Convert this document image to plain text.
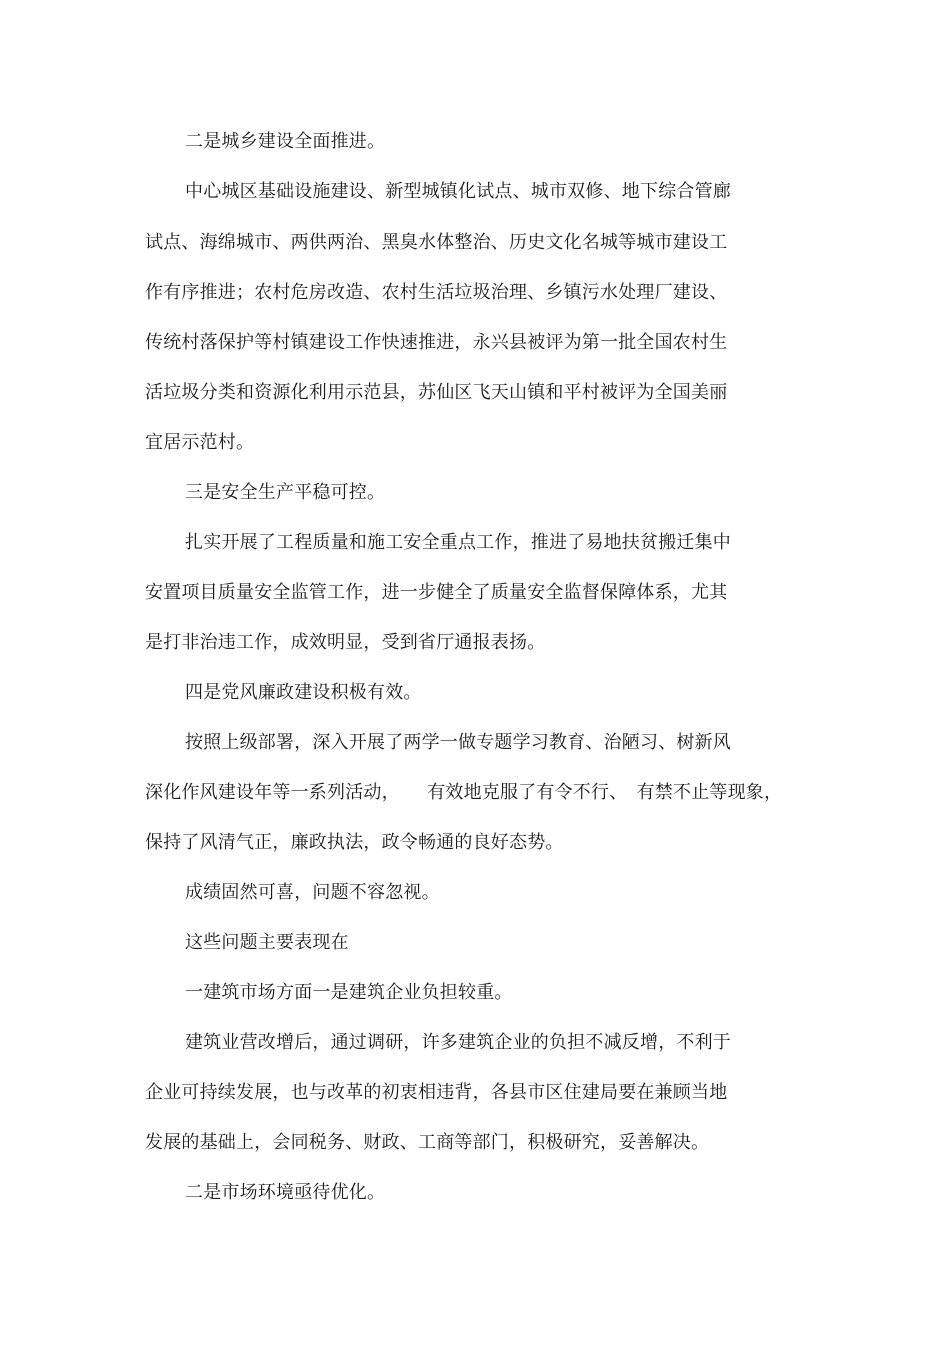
二是城乡建设全面推进。

中心城区基础设施建设、新型城镇化试点、城市双修、地下综合管廊

试点、海绵城市、两供两治、黑臭水体整治、历史文化名城等城市建设工

作有序推进；农村危房改造、农村生活垃圾治理、乡镇污水处理厂建设、

传统村落保护等村镇建设工作快速推进，永兴县被评为第一批全国农村生

活垃圾分类和资源化利用示范县，苏仙区飞天山镇和平村被评为全国美丽

宜居示范村。

三是安全生产平稳可控。

扎实开展了工程质量和施工安全重点工作，推进了易地扶贫搬迁集中

安置项目质量安全监管工作，进一步健全了质量安全监督保障体系，尤其

是打非治违工作，成效明显，受到省厅通报表扬。

四是党风廉政建设积极有效。

按照上级部署，深入开展了两学一做专题学习教育、治陋习、树新风

深化作风建设年等一系列活动，　　有效地克服了有令不行、　有禁不止等现象，

保持了风清气正，廉政执法，政令畅通的良好态势。

成绩固然可喜，问题不容忽视。

这些问题主要表现在

一建筑市场方面一是建筑企业负担较重。

建筑业营改增后，通过调研，许多建筑企业的负担不减反增，不利于

企业可持续发展，也与改革的初衷相违背，各县市区住建局要在兼顾当地

发展的基础上，会同税务、财政、工商等部门，积极研究，妥善解决。

二是市场环境亟待优化。
